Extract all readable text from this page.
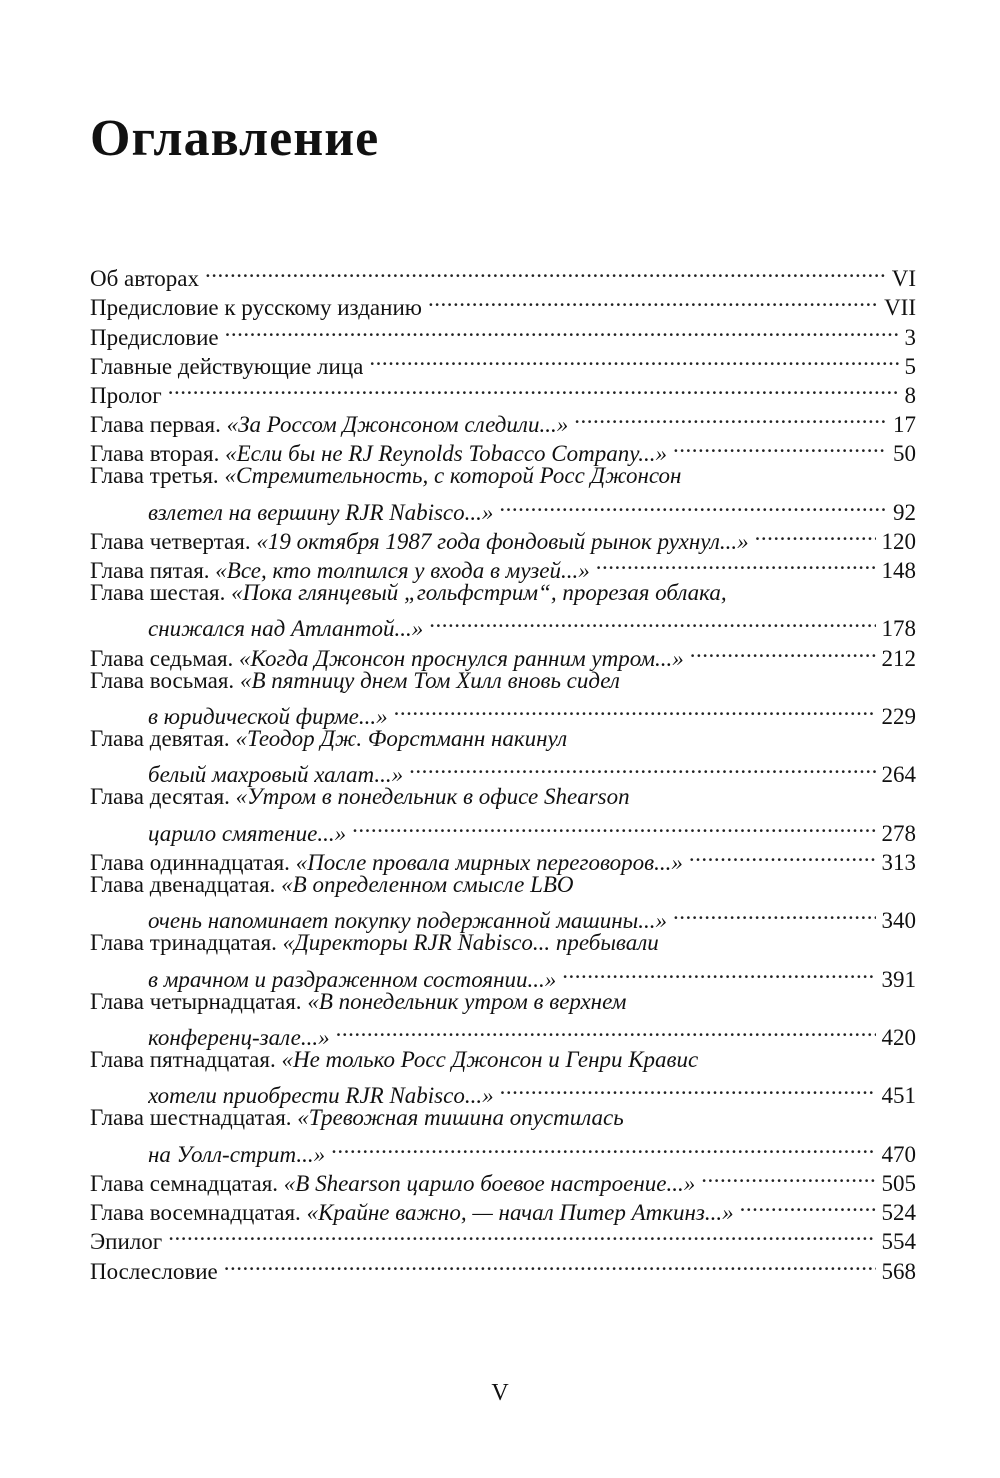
Оглавление
Об авторах .....	VI
Предисловие к русскому изданию .....	VII
Предисловие .....	3
Главные действующие лица .....	5
Пролог .....	8
Глава первая. «За Россом Джонсоном следили...» .....	17
Глава вторая. «Если бы не RJ Reynolds Tobacco Company...» .....	50
Глава третья. «Стремительность, с которой Росс Джонсон
взлетел на вершину RJR Nabisco...» .....	92
Глава четвертая. «19 октября 1987 года фондовый рынок рухнул...» .....	120
Глава пятая. «Все, кто толпился у входа в музей...» .....	148
Глава шестая. «Пока глянцевый „гольфстрим“, прорезая облака,
снижался над Атлантой...» .....	178
Глава седьмая. «Когда Джонсон проснулся ранним утром...» .....	212
Глава восьмая. «В пятницу днем Том Хилл вновь сидел
в юридической фирме...» .....	229
Глава девятая. «Теодор Дж. Форстманн накинул
белый махровый халат...» .....	264
Глава десятая. «Утром в понедельник в офисе Shearson
царило смятение...» .....	278
Глава одиннадцатая. «После провала мирных переговоров...» .....	313
Глава двенадцатая. «В определенном смысле LBO
очень напоминает покупку подержанной машины...» .....	340
Глава тринадцатая. «Директоры RJR Nabisco... пребывали
в мрачном и раздраженном состоянии...» .....	391
Глава четырнадцатая. «В понедельник утром в верхнем
конференц-зале...» .....	420
Глава пятнадцатая. «Не только Росс Джонсон и Генри Кравис
хотели приобрести RJR Nabisco...» .....	451
Глава шестнадцатая. «Тревожная тишина опустилась
на Уолл-стрит...» .....	470
Глава семнадцатая. «В Shearson царило боевое настроение...» .....	505
Глава восемнадцатая. «Крайне важно, — начал Питер Аткинз...» .....	524
Эпилог .....	554
Послесловие .....	568
V
